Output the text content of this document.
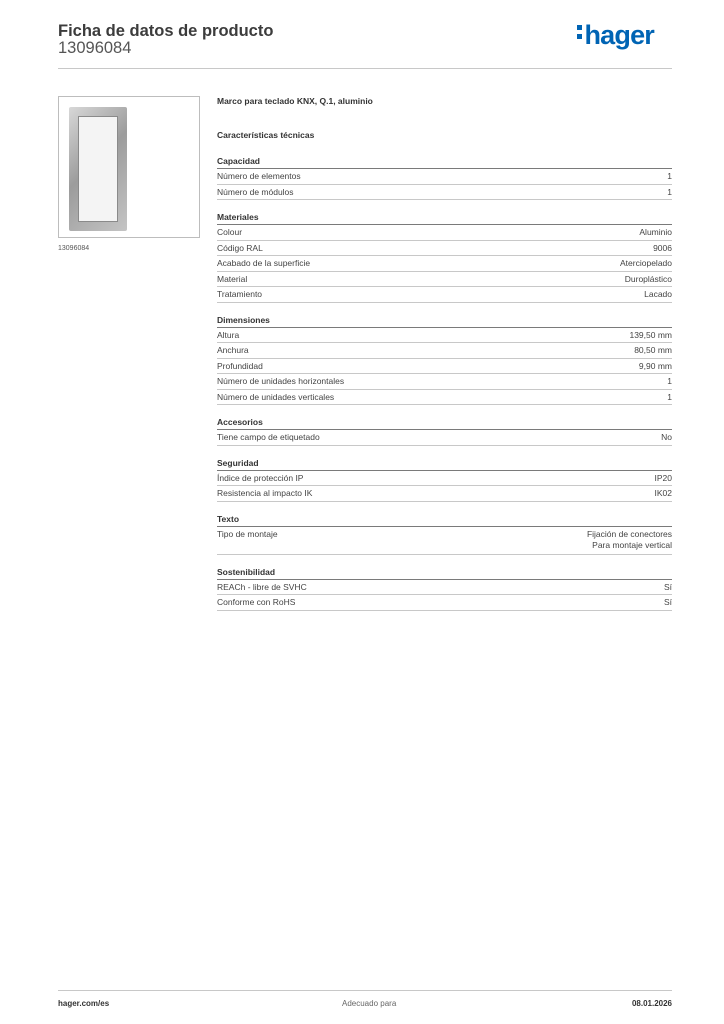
Ficha de datos de producto
13096084	hager
13096084
Marco para teclado KNX, Q.1, aluminio
Características técnicas
Capacidad
Número de elementos	1
Número de módulos	1
Materiales
Colour	Aluminio
Código RAL	9006
Acabado de la superficie	Aterciopelado
Material	Duroplástico
Tratamiento	Lacado
Dimensiones
Altura	139,50 mm
Anchura	80,50 mm
Profundidad	9,90 mm
Número de unidades horizontales	1
Número de unidades verticales	1
Accesorios
Tiene campo de etiquetado	No
Seguridad
Índice de protección IP	IP20
Resistencia al impacto IK	IK02
Texto
Tipo de montaje	Fijación de conectores
Para montaje vertical
Sostenibilidad
REACh - libre de SVHC	Sí
Conforme con RoHS	Sí
hager.com/es	Adecuado para	08.01.2026
